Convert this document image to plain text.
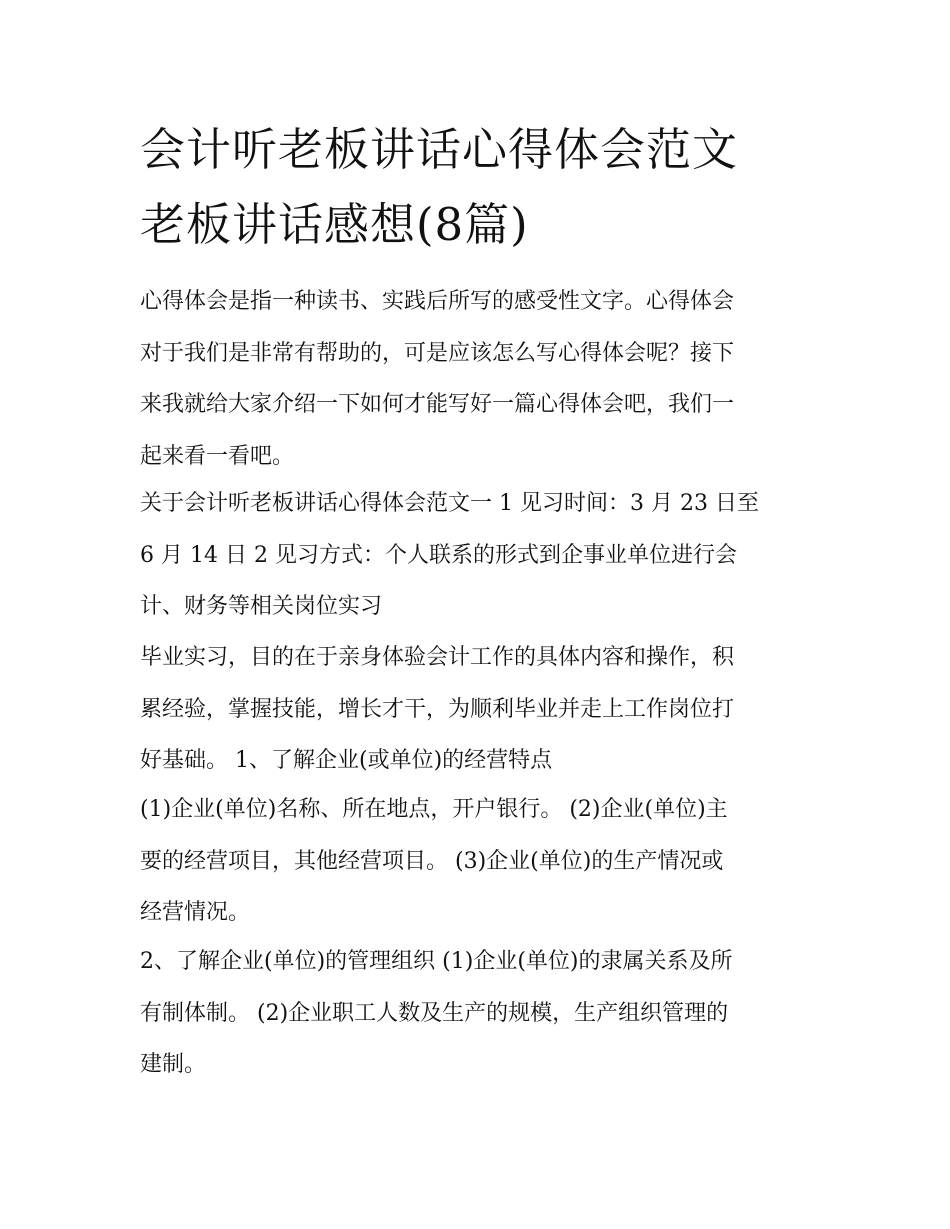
会计听老板讲话心得体会范文
老板讲话感想(8篇)
心得体会是指一种读书、实践后所写的感受性文字。心得体会
对于我们是非常有帮助的，可是应该怎么写心得体会呢？接下
来我就给大家介绍一下如何才能写好一篇心得体会吧，我们一
起来看一看吧。
关于会计听老板讲话心得体会范文一 1 见习时间：3 月 23 日至
6 月 14 日 2 见习方式：个人联系的形式到企事业单位进行会
计、财务等相关岗位实习
毕业实习，目的在于亲身体验会计工作的具体内容和操作，积
累经验，掌握技能，增长才干，为顺利毕业并走上工作岗位打
好基础。 1、了解企业(或单位)的经营特点
(1)企业(单位)名称、所在地点，开户银行。 (2)企业(单位)主
要的经营项目，其他经营项目。 (3)企业(单位)的生产情况或
经营情况。
2、了解企业(单位)的管理组织 (1)企业(单位)的隶属关系及所
有制体制。 (2)企业职工人数及生产的规模，生产组织管理的
建制。
